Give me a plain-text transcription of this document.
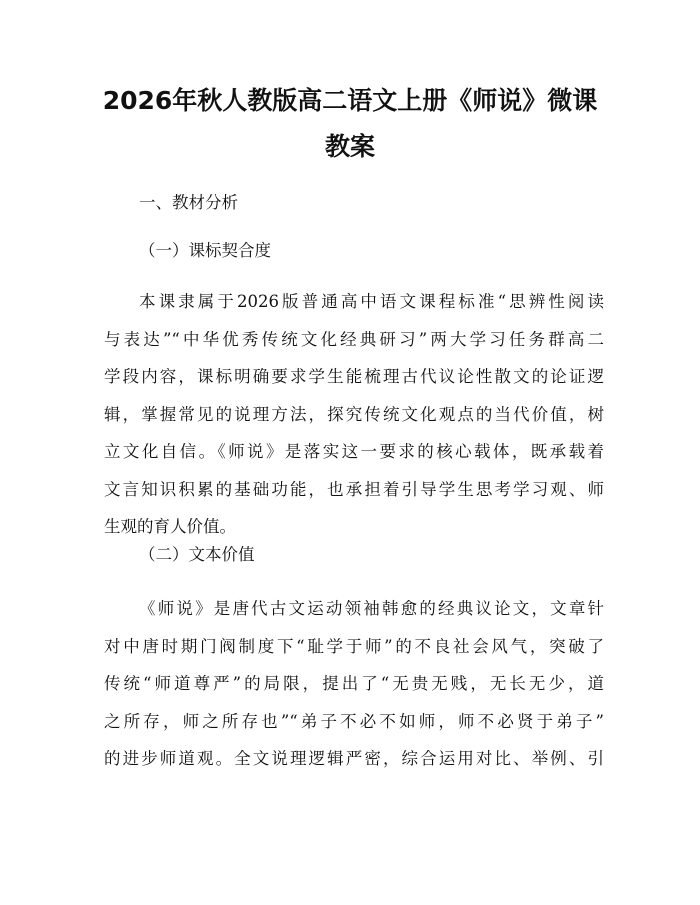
2026年秋人教版高二语文上册《师说》微课
教案

一、教材分析

（一）课标契合度

本课隶属于2026版普通高中语文课程标准“思辨性阅读
与表达”“中华优秀传统文化经典研习”两大学习任务群高二
学段内容，课标明确要求学生能梳理古代议论性散文的论证逻
辑，掌握常见的说理方法，探究传统文化观点的当代价值，树
立文化自信。《师说》是落实这一要求的核心载体，既承载着
文言知识积累的基础功能，也承担着引导学生思考学习观、师
生观的育人价值。

（二）文本价值

《师说》是唐代古文运动领袖韩愈的经典议论文，文章针
对中唐时期门阀制度下“耻学于师”的不良社会风气，突破了
传统“师道尊严”的局限，提出了“无贵无贱，无长无少，道
之所存，师之所存也”“弟子不必不如师，师不必贤于弟子”
的进步师道观。全文说理逻辑严密，综合运用对比、举例、引
